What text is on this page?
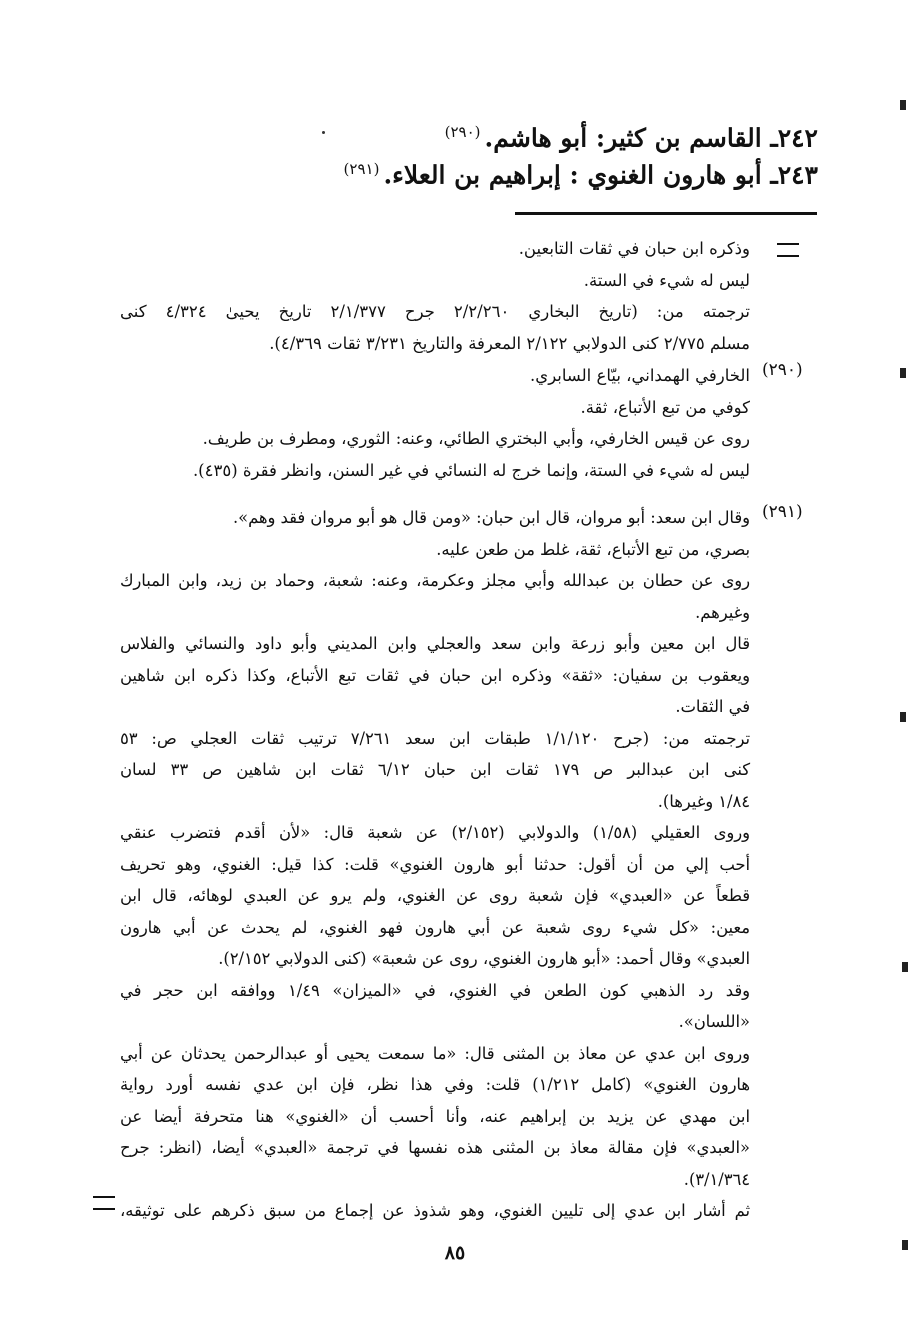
٢٤٢ـ القاسم بن كثير: أبو هاشم.$^{(٢٩٠)}$
٢٤٣ـ أبو هارون الغنوي : إبراهيم بن العلاء.$^{(٢٩١)}$
وذكره ابن حبان في ثقات التابعين.
ليس له شيء في الستة.
ترجمته من: (تاريخ البخاري ٢/٢/٢٦٠ جرح ٢/١/٣٧٧ تاريخ يحيىٰ ٤/٣٢٤ كنى
مسلم ٢/٧٧٥ كنى الدولابي ٢/١٢٢ المعرفة والتاريخ ٣/٢٣١ ثقات ٤/٣٦٩).
(٢٩٠)
الخارفي الهمداني، بيّاع السابري.
كوفي من تبع الأتباع، ثقة.
روى عن قيس الخارفي، وأبي البختري الطائي، وعنه: الثوري، ومطرف بن طريف.
ليس له شيء في الستة، وإنما خرج له النسائي في غير السنن، وانظر فقرة (٤٣٥).
(٢٩١)
وقال ابن سعد: أبو مروان، قال ابن حبان: «ومن قال هو أبو مروان فقد وهم».
بصري، من تبع الأتباع، ثقة، غلط من طعن عليه.
روى عن حطان بن عبدالله وأبي مجلز وعكرمة، وعنه: شعبة، وحماد بن زيد، وابن المبارك
وغيرهم.
قال ابن معين وأبو زرعة وابن سعد والعجلي وابن المديني وأبو داود والنسائي والفلاس
ويعقوب بن سفيان: «ثقة» وذكره ابن حبان في ثقات تبع الأتباع، وكذا ذكره ابن شاهين
في الثقات.
ترجمته من: (جرح ١/١/١٢٠ طبقات ابن سعد ٧/٢٦١ ترتيب ثقات العجلي ص: ٥٣
كنى ابن عبدالبر ص ١٧٩ ثقات ابن حبان ٦/١٢ ثقات ابن شاهين ص ٣٣ لسان
١/٨٤ وغيرها).
وروى العقيلي (١/٥٨) والدولابي (٢/١٥٢) عن شعبة قال: «لأن أقدم فتضرب عنقي
أحب إلي من أن أقول: حدثنا أبو هارون الغنوي» قلت: كذا قيل: الغنوي، وهو تحريف
قطعاً عن «العبدي» فإن شعبة روى عن الغنوي، ولم يرو عن العبدي لوهائه، قال ابن
معين: «كل شيء روى شعبة عن أبي هارون فهو الغنوي، لم يحدث عن أبي هارون
العبدي» وقال أحمد: «أبو هارون الغنوي، روى عن شعبة» (كنى الدولابي ٢/١٥٢).
وقد رد الذهبي كون الطعن في الغنوي، في «الميزان» ١/٤٩ ووافقه ابن حجر في
«اللسان».
وروى ابن عدي عن معاذ بن المثنى قال: «ما سمعت يحيى أو عبدالرحمن يحدثان عن أبي
هارون الغنوي» (كامل ١/٢١٢) قلت: وفي هذا نظر، فإن ابن عدي نفسه أورد رواية
ابن مهدي عن يزيد بن إبراهيم عنه، وأنا أحسب أن «الغنوي» هنا متحرفة أيضا عن
«العبدي» فإن مقالة معاذ بن المثنى هذه نفسها في ترجمة «العبدي» أيضا، (انظر: جرح
٣/١/٣٦٤).
ثم أشار ابن عدي إلى تليين الغنوي، وهو شذوذ عن إجماع من سبق ذكرهم على توثيقه،
٨٥
